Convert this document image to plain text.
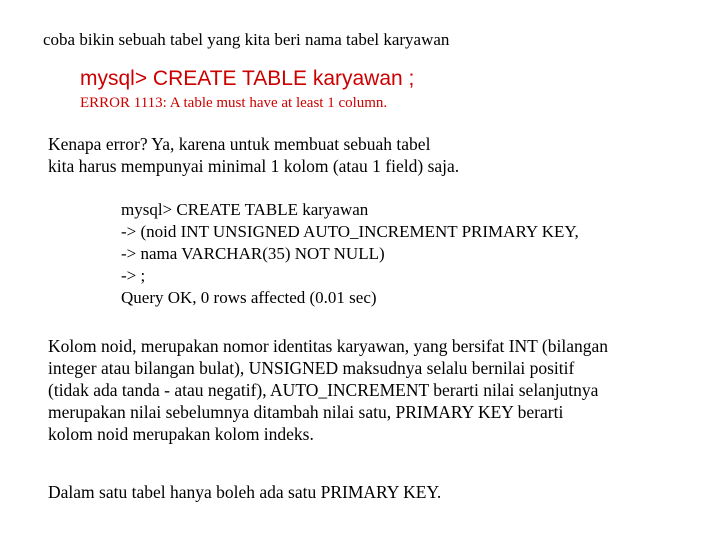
coba bikin sebuah tabel yang kita beri nama tabel karyawan
mysql> CREATE TABLE karyawan ;
ERROR 1113: A table must have at least 1 column.
Kenapa error? Ya, karena untuk membuat sebuah tabel
kita harus mempunyai minimal 1 kolom (atau 1 field) saja.
mysql> CREATE TABLE karyawan
-> (noid INT UNSIGNED AUTO_INCREMENT PRIMARY KEY,
-> nama VARCHAR(35) NOT NULL)
-> ;
Query OK, 0 rows affected (0.01 sec)
Kolom noid, merupakan nomor identitas karyawan, yang bersifat INT (bilangan
integer atau bilangan bulat), UNSIGNED maksudnya selalu bernilai positif
(tidak ada tanda - atau negatif), AUTO_INCREMENT berarti nilai selanjutnya
merupakan nilai sebelumnya ditambah nilai satu, PRIMARY KEY berarti
kolom noid merupakan kolom indeks.
Dalam satu tabel hanya boleh ada satu PRIMARY KEY.
